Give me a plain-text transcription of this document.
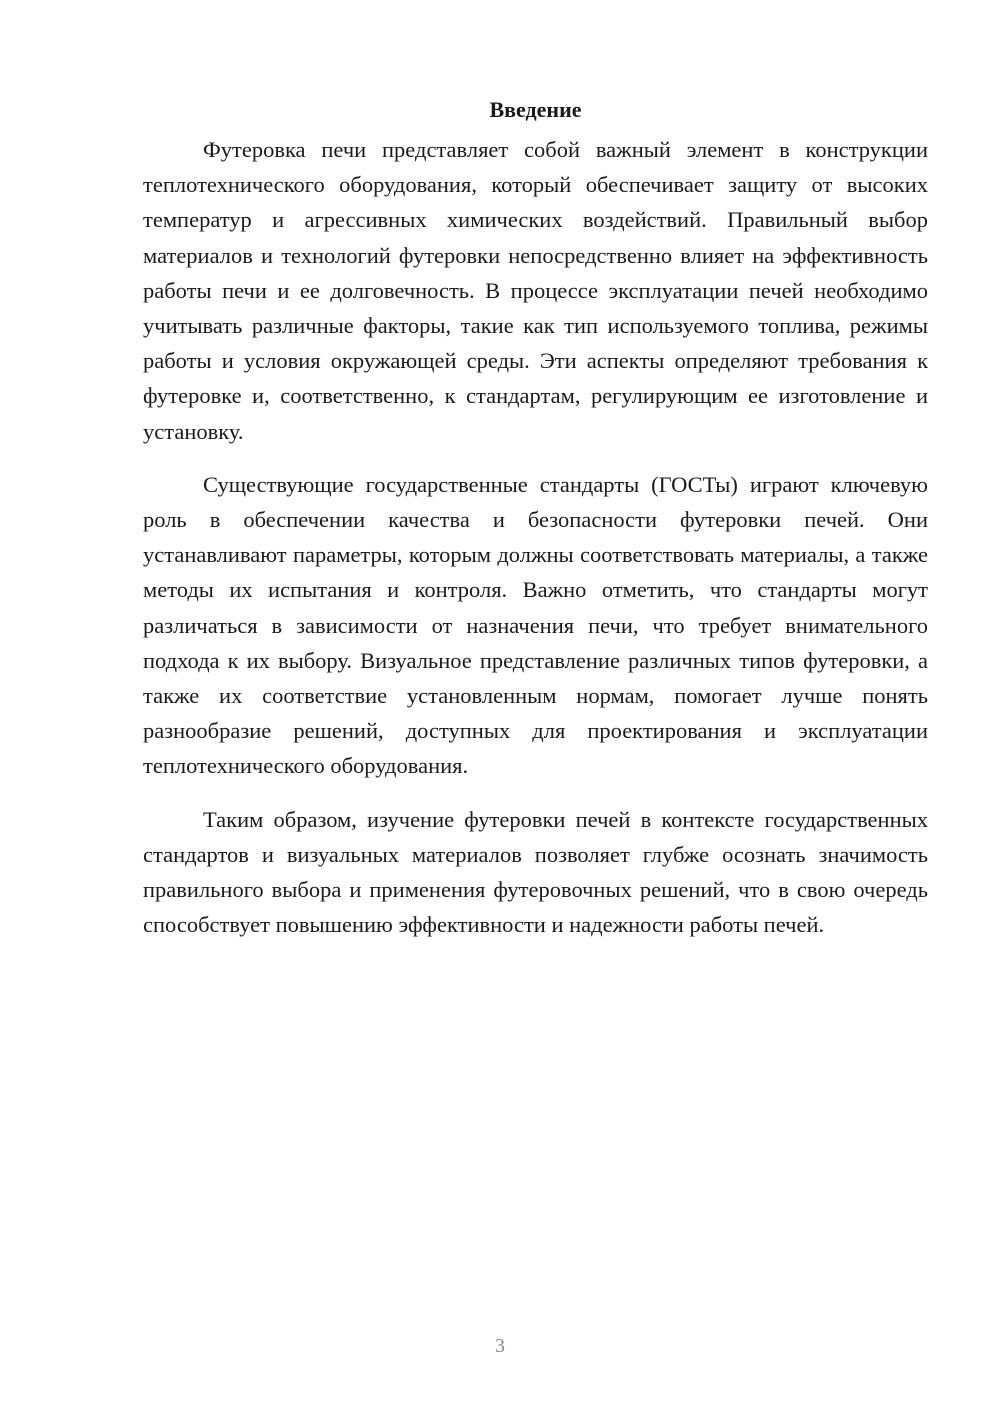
Введение

Футеровка печи представляет собой важный элемент в конструкции теплотехнического оборудования, который обеспечивает защиту от высоких температур и агрессивных химических воздействий. Правильный выбор материалов и технологий футеровки непосредственно влияет на эффективность работы печи и ее долговечность. В процессе эксплуатации печей необходимо учитывать различные факторы, такие как тип используемого топлива, режимы работы и условия окружающей среды. Эти аспекты определяют требования к футеровке и, соответственно, к стандартам, регулирующим ее изготовление и установку.

Существующие государственные стандарты (ГОСТы) играют ключевую роль в обеспечении качества и безопасности футеровки печей. Они устанавливают параметры, которым должны соответствовать материалы, а также методы их испытания и контроля. Важно отметить, что стандарты могут различаться в зависимости от назначения печи, что требует внимательного подхода к их выбору. Визуальное представление различных типов футеровки, а также их соответствие установленным нормам, помогает лучше понять разнообразие решений, доступных для проектирования и эксплуатации теплотехнического оборудования.

Таким образом, изучение футеровки печей в контексте государственных стандартов и визуальных материалов позволяет глубже осознать значимость правильного выбора и применения футеровочных решений, что в свою очередь способствует повышению эффективности и надежности работы печей.

3
